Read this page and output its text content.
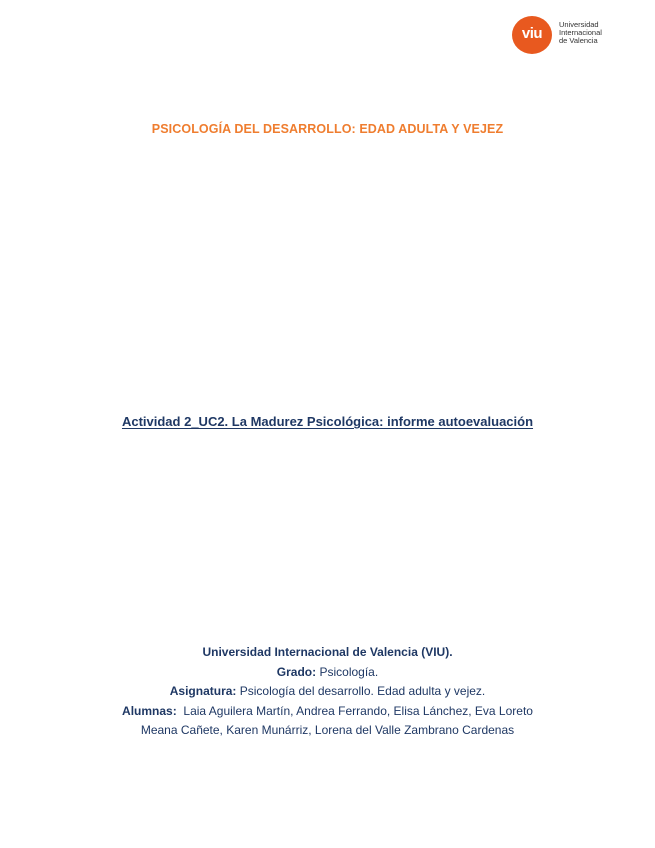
viu
Universidad
Internacional
de Valencia
PSICOLOGÍA DEL DESARROLLO: EDAD ADULTA Y VEJEZ
Actividad 2_UC2. La Madurez Psicológica: informe autoevaluación
Universidad Internacional de Valencia (VIU).
Grado: Psicología.
Asignatura: Psicología del desarrollo. Edad adulta y vejez.
Alumnas: Laia Aguilera Martín, Andrea Ferrando, Elisa Lánchez, Eva Loreto
Meana Cañete, Karen Munárriz, Lorena del Valle Zambrano Cardenas
